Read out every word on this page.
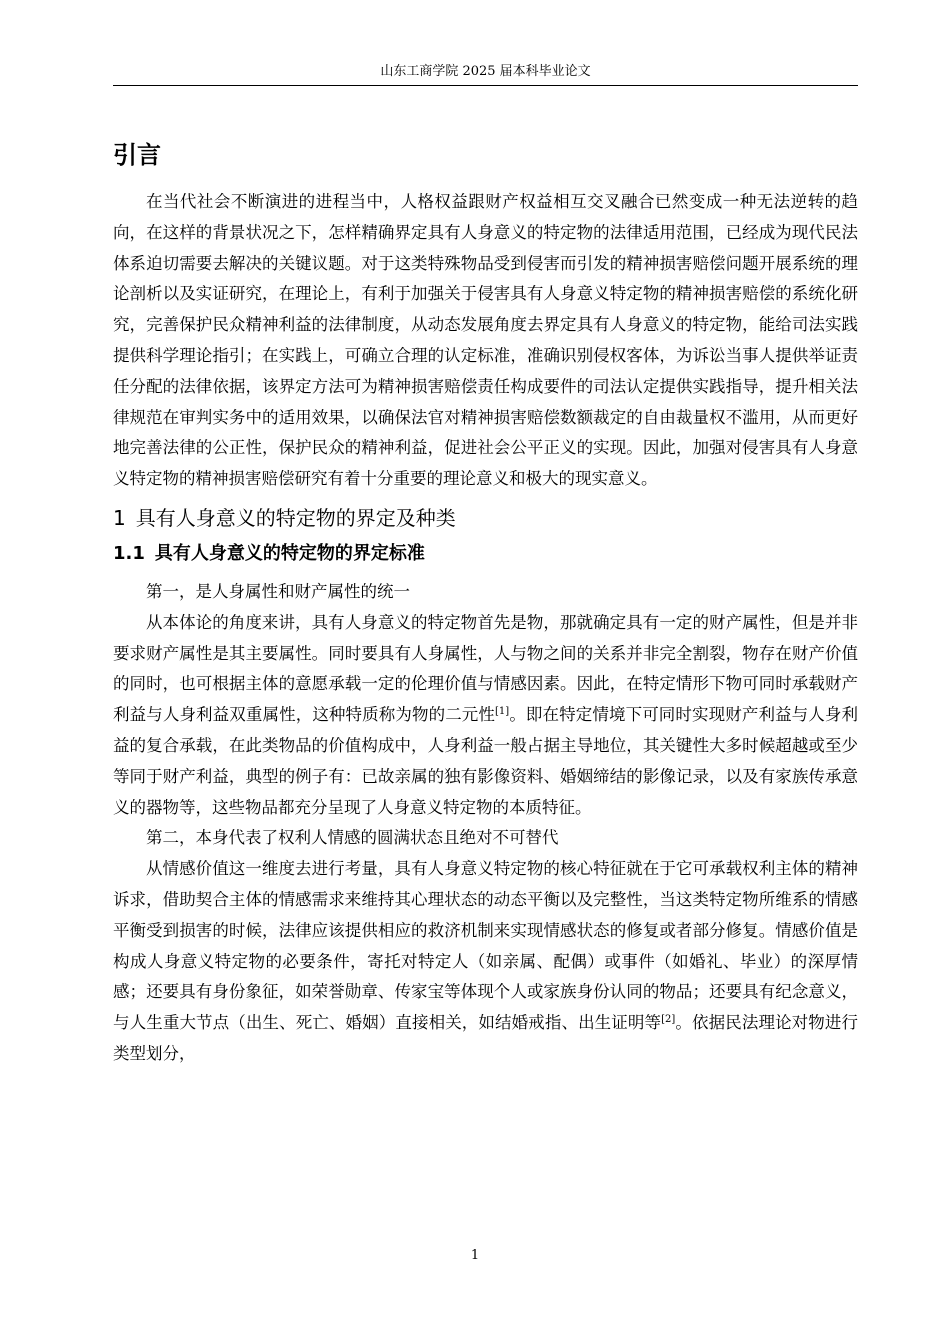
山东工商学院 2025 届本科毕业论文
引言

在当代社会不断演进的进程当中，人格权益跟财产权益相互交叉融合已然变成一种无法逆转的趋向，在这样的背景状况之下，怎样精确界定具有人身意义的特定物的法律适用范围，已经成为现代民法体系迫切需要去解决的关键议题。对于这类特殊物品受到侵害而引发的精神损害赔偿问题开展系统的理论剖析以及实证研究，在理论上，有利于加强关于侵害具有人身意义特定物的精神损害赔偿的系统化研究，完善保护民众精神利益的法律制度，从动态发展角度去界定具有人身意义的特定物，能给司法实践提供科学理论指引；在实践上，可确立合理的认定标准，准确识别侵权客体，为诉讼当事人提供举证责任分配的法律依据，该界定方法可为精神损害赔偿责任构成要件的司法认定提供实践指导，提升相关法律规范在审判实务中的适用效果，以确保法官对精神损害赔偿数额裁定的自由裁量权不滥用，从而更好地完善法律的公正性，保护民众的精神利益，促进社会公平正义的实现。因此，加强对侵害具有人身意义特定物的精神损害赔偿研究有着十分重要的理论意义和极大的现实意义。

1 具有人身意义的特定物的界定及种类
1.1 具有人身意义的特定物的界定标准

第一，是人身属性和财产属性的统一

从本体论的角度来讲，具有人身意义的特定物首先是物，那就确定具有一定的财产属性，但是并非要求财产属性是其主要属性。同时要具有人身属性，人与物之间的关系并非完全割裂，物存在财产价值的同时，也可根据主体的意愿承载一定的伦理价值与情感因素。因此，在特定情形下物可同时承载财产利益与人身利益双重属性，这种特质称为物的二元性[1]。即在特定情境下可同时实现财产利益与人身利益的复合承载，在此类物品的价值构成中，人身利益一般占据主导地位，其关键性大多时候超越或至少等同于财产利益，典型的例子有：已故亲属的独有影像资料、婚姻缔结的影像记录，以及有家族传承意义的器物等，这些物品都充分呈现了人身意义特定物的本质特征。

第二，本身代表了权利人情感的圆满状态且绝对不可替代

从情感价值这一维度去进行考量，具有人身意义特定物的核心特征就在于它可承载权利主体的精神诉求，借助契合主体的情感需求来维持其心理状态的动态平衡以及完整性，当这类特定物所维系的情感平衡受到损害的时候，法律应该提供相应的救济机制来实现情感状态的修复或者部分修复。情感价值是构成人身意义特定物的必要条件，寄托对特定人（如亲属、配偶）或事件（如婚礼、毕业）的深厚情感；还要具有身份象征，如荣誉勋章、传家宝等体现个人或家族身份认同的物品；还要具有纪念意义，与人生重大节点（出生、死亡、婚姻）直接相关，如结婚戒指、出生证明等[2]。依据民法理论对物进行类型划分，

1
